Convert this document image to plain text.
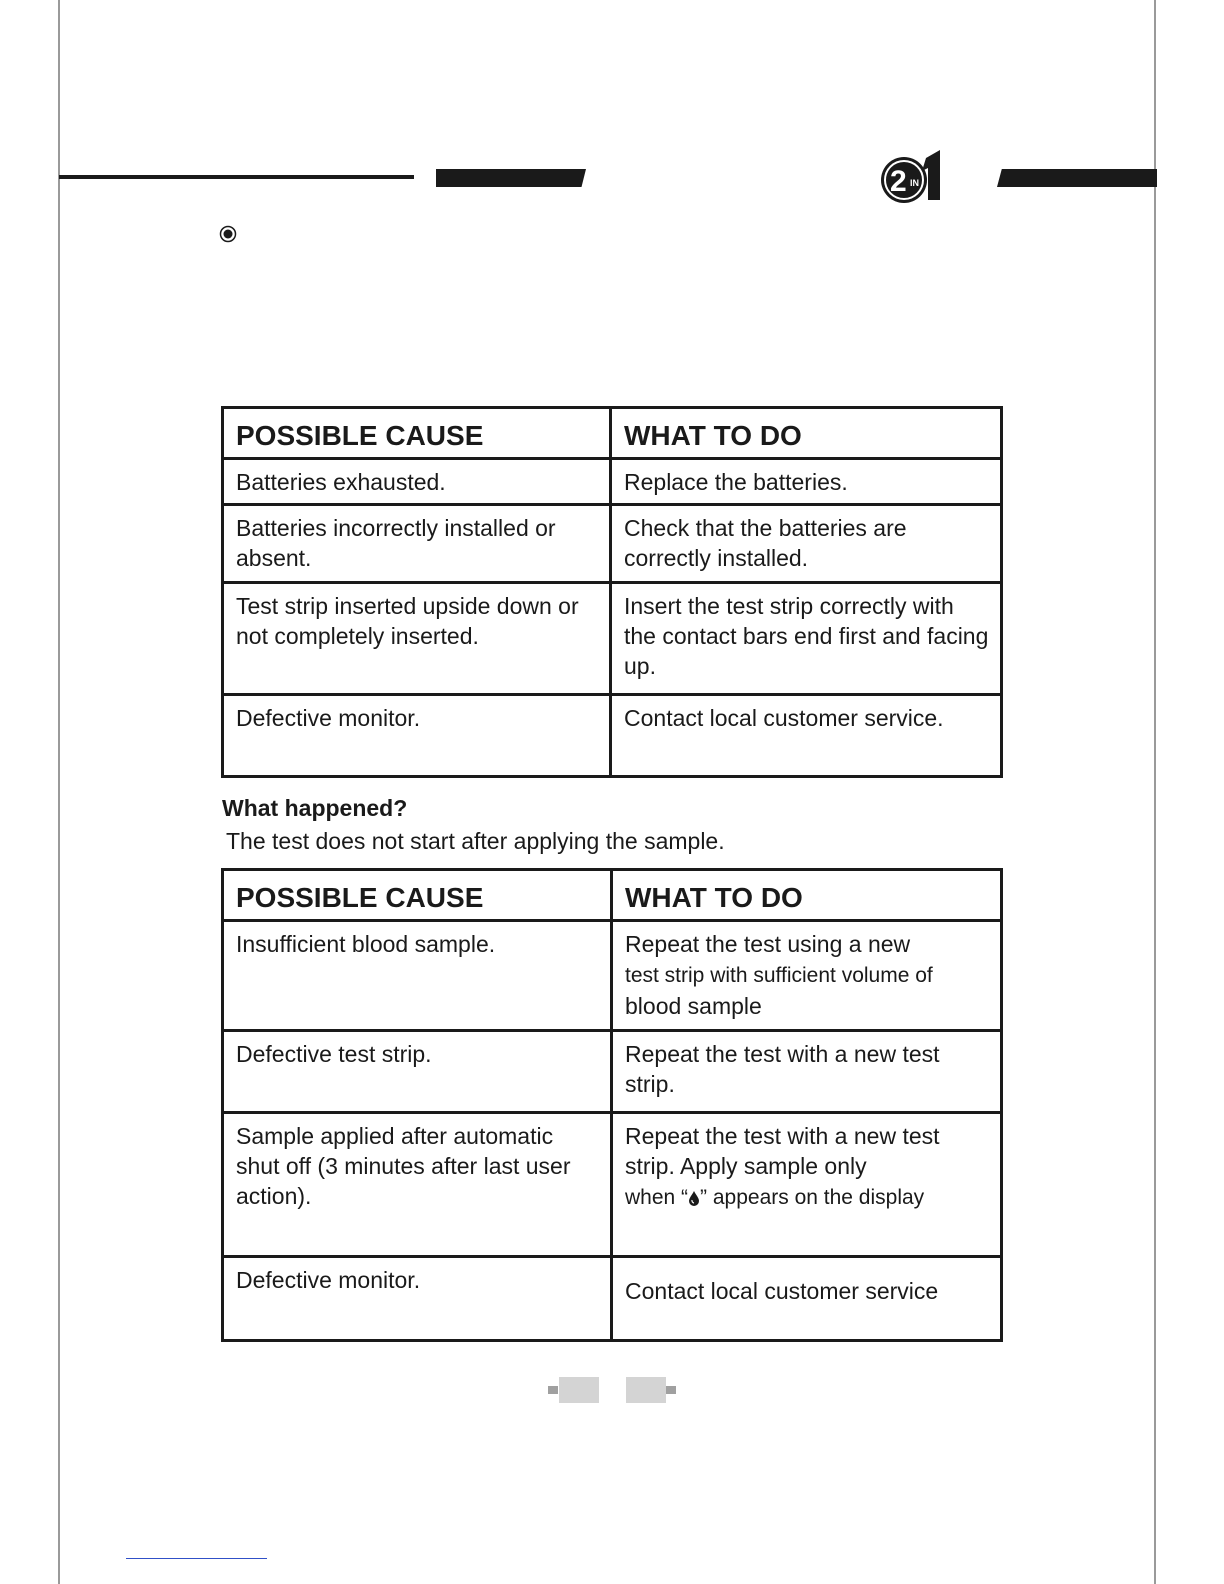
2 IN
POSSIBLE CAUSE	WHAT TO DO
Batteries exhausted.	Replace the batteries.
Batteries incorrectly installed or absent.	Check that the batteries are correctly installed.
Test strip inserted upside down or not completely inserted.	Insert the test strip correctly with the contact bars end first and facing up.
Defective monitor.	Contact local customer service.
What happened?
The test does not start after applying the sample.
POSSIBLE CAUSE	WHAT TO DO
Insufficient blood sample.	Repeat the test using a new
test strip with sufficient volume of
blood sample
Defective test strip.	Repeat the test with a new test strip.
Sample applied after automatic shut off (3 minutes after last user action).	Repeat the test with a new test strip. Apply sample only
when “ ” appears on the display
Defective monitor.	Contact local customer service
